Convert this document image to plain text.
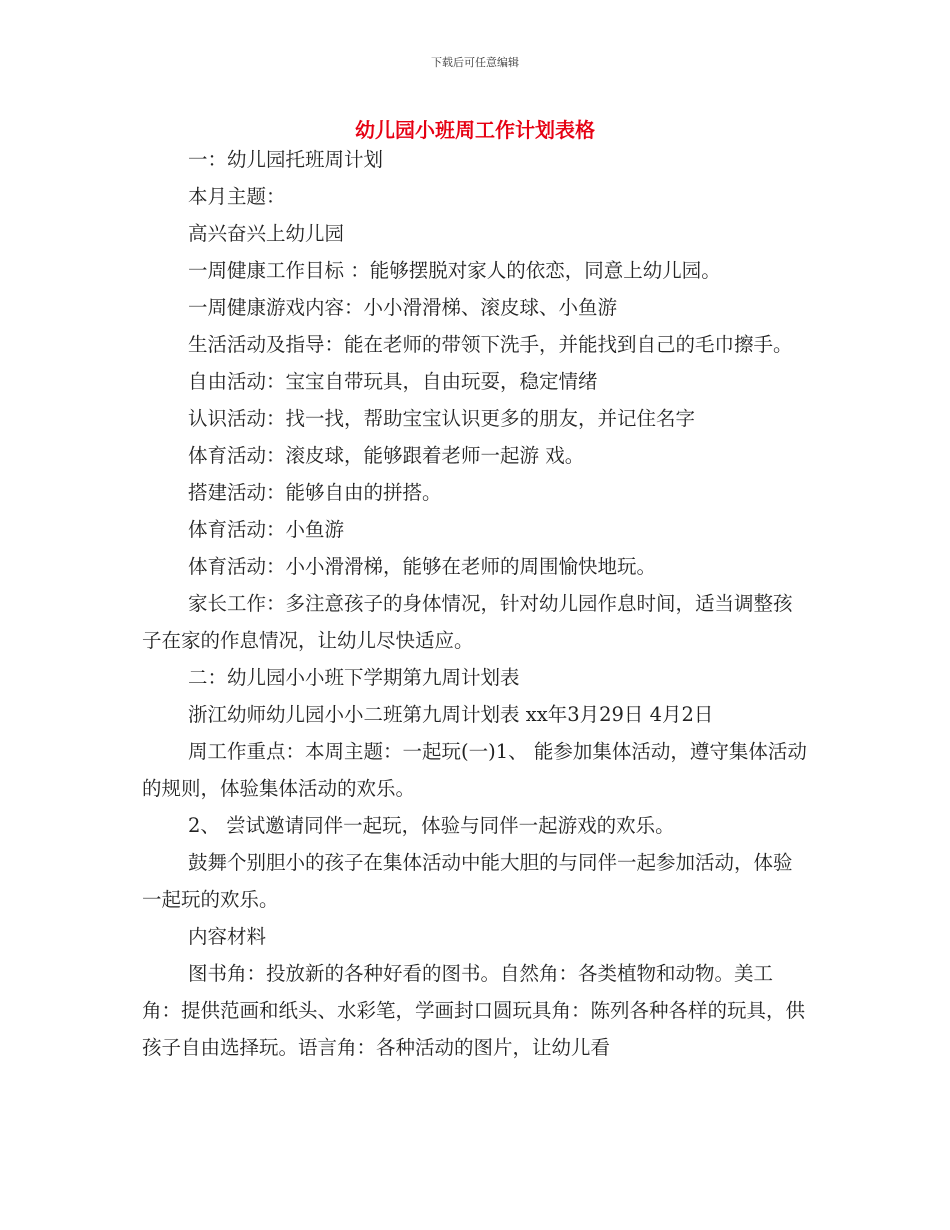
下载后可任意编辑
幼儿园小班周工作计划表格

一：幼儿园托班周计划

本月主题：

高兴奋兴上幼儿园

一周健康工作目标 ：能够摆脱对家人的依恋，同意上幼儿园。

一周健康游戏内容：小小滑滑梯、滚皮球、小鱼游

生活活动及指导：能在老师的带领下洗手，并能找到自己的毛巾擦手。

自由活动：宝宝自带玩具，自由玩耍，稳定情绪

认识活动：找一找，帮助宝宝认识更多的朋友，并记住名字

体育活动：滚皮球，能够跟着老师一起游 戏。

搭建活动：能够自由的拼搭。

体育活动：小鱼游

体育活动：小小滑滑梯，能够在老师的周围愉快地玩。

家长工作：多注意孩子的身体情况，针对幼儿园作息时间，适当调整孩子在家的作息情况，让幼儿尽快适应。

二：幼儿园小小班下学期第九周计划表

浙江幼师幼儿园小小二班第九周计划表 xx年3月29日 4月2日

周工作重点：本周主题：一起玩(一)1、 能参加集体活动，遵守集体活动的规则，体验集体活动的欢乐。

2、 尝试邀请同伴一起玩，体验与同伴一起游戏的欢乐。

鼓舞个别胆小的孩子在集体活动中能大胆的与同伴一起参加活动，体验一起玩的欢乐。

内容材料

图书角：投放新的各种好看的图书。自然角：各类植物和动物。美工角：提供范画和纸头、水彩笔，学画封口圆玩具角：陈列各种各样的玩具，供孩子自由选择玩。语言角：各种活动的图片，让幼儿看
